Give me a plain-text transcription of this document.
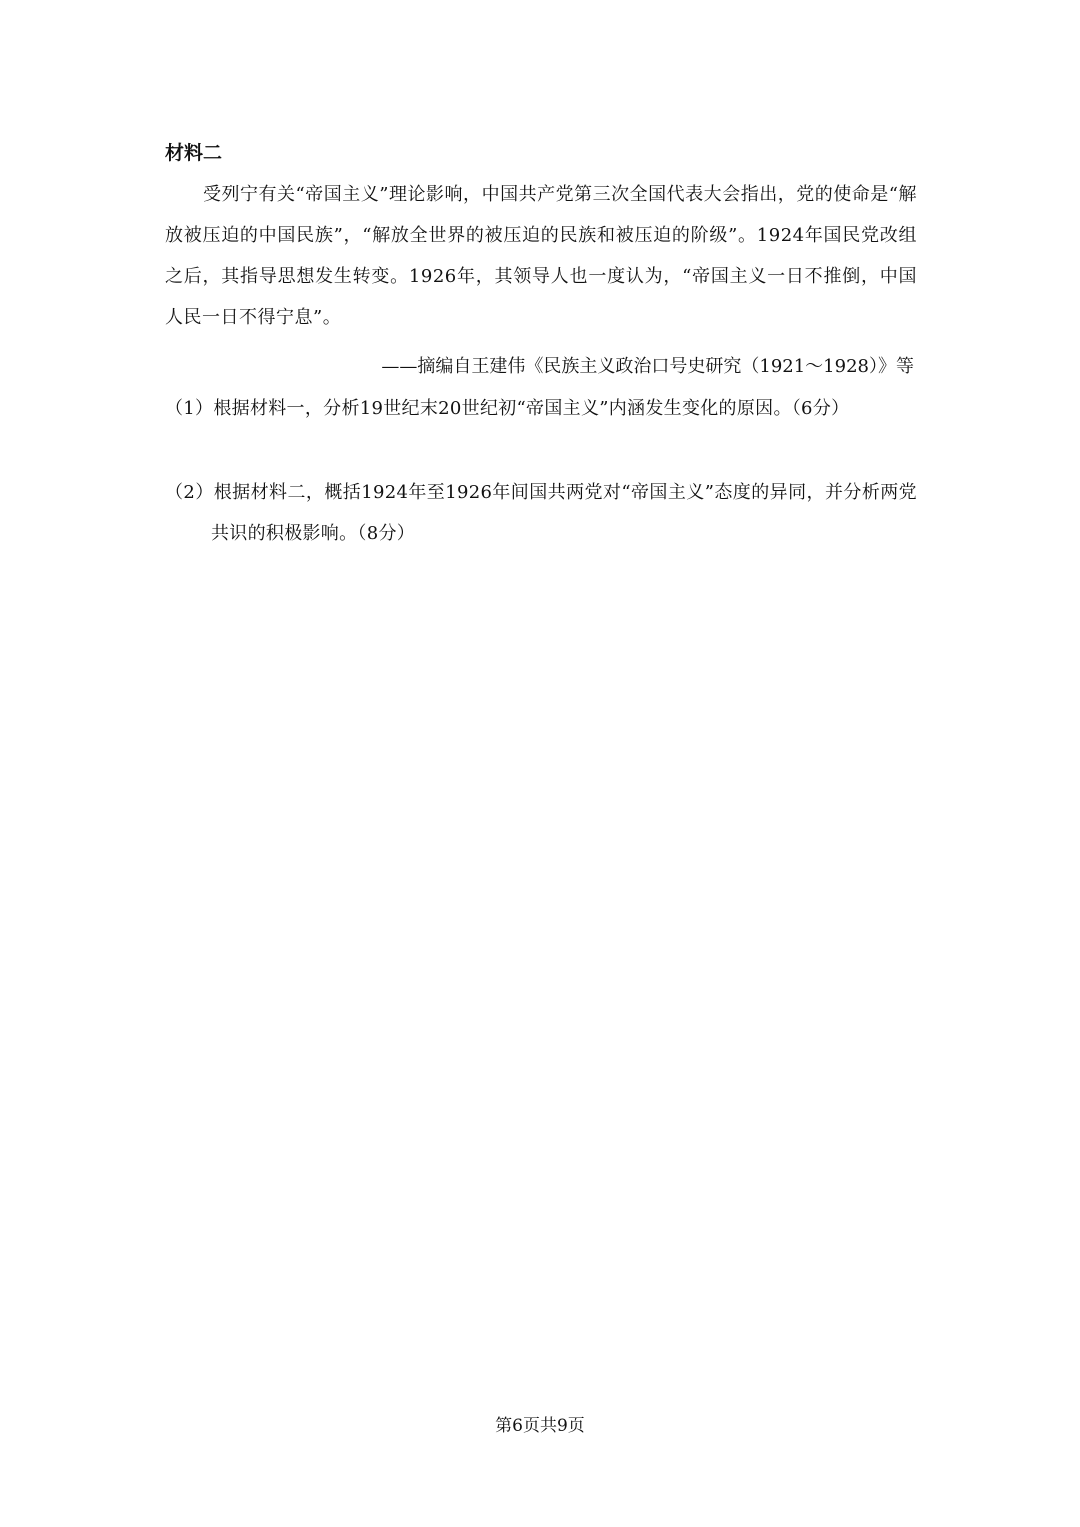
材料二

受列宁有关“帝国主义”理论影响，中国共产党第三次全国代表大会指出，党的使命是“解放被压迫的中国民族”，“解放全世界的被压迫的民族和被压迫的阶级”。1924年国民党改组之后，其指导思想发生转变。1926年，其领导人也一度认为，“帝国主义一日不推倒，中国人民一日不得宁息”。

——摘编自王建伟《民族主义政治口号史研究（1921～1928）》等

（1）根据材料一，分析19世纪末20世纪初“帝国主义”内涵发生变化的原因。（6分）

（2）根据材料二，概括1924年至1926年间国共两党对“帝国主义”态度的异同，并分析两党共识的积极影响。（8分）

第6页共9页
